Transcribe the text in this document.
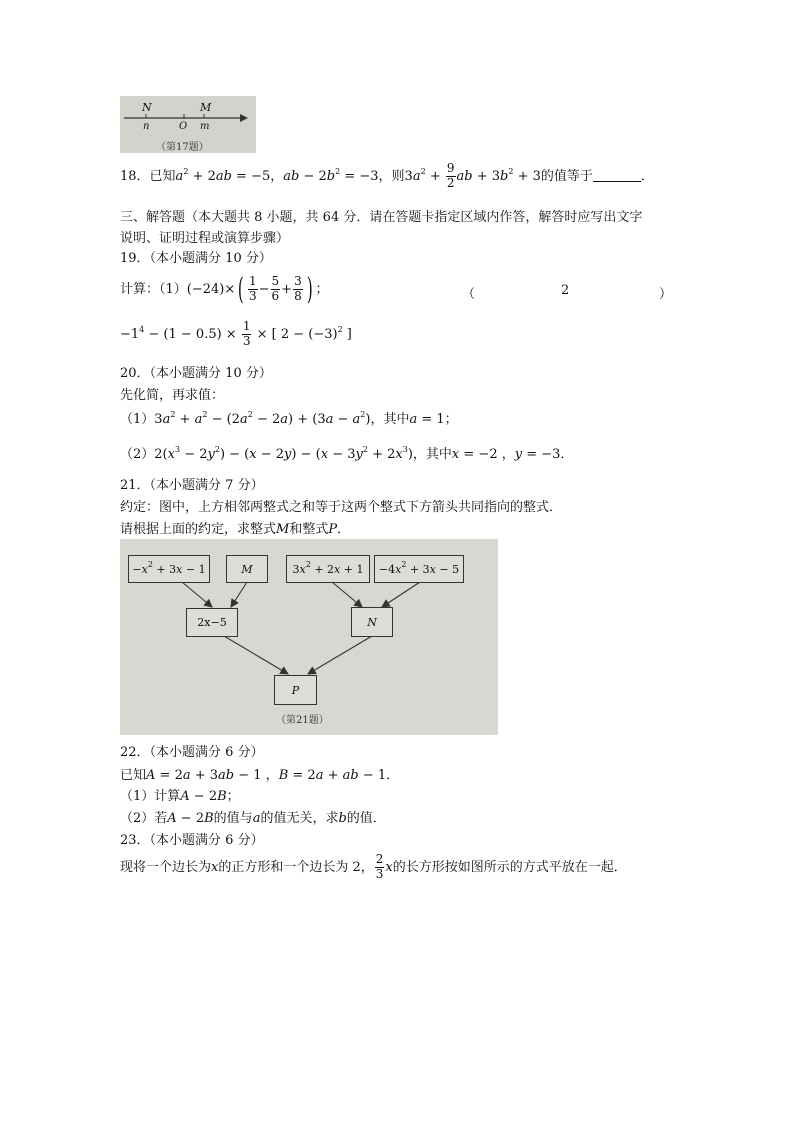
N	M
n	O m
（第17题）
18．已知$a^2 + 2ab = -5$，ab − $2b^2 = -3$，则$3a^2 + \frac{9}{2}$ ab + $3b^2 + 3$的值等于	．
三、解答题（本大题共 8 小题，共 64 分．请在答题卡指定区域内作答，解答时应写出文字
说明、证明过程或演算步骤）
19．（本小题满分 10 分）
计算：$(1)(-24)\times( \frac{1}{3} - \frac{5}{6} + \frac{3}{8}$ ) ；	（	2	）
$-1^4 - (1 - 0.5) \times \frac{1}{3}$ × [ $2 - (-3)^2$ ]
20．（本小题满分 10 分）
先化简，再求值：
$(1)3a^2 + a^2 - (2a^2 - 2a) + (3a - a^2)$，其中a = 1；
$(2)2(x^3 - 2y^2) - (x - 2y) - (x - 3y^2 + 2x^3)$，其中x = −2 ，y = −3．
21．（本小题满分 7 分）
约定：图中，上方相邻两整式之和等于这两个整式下方箭头共同指向的整式．
请根据上面的约定，求整式M和整式P．
$-x^2 + 3x - 1$	M	$3x^2 + 2x + 1 -4x^2 + 3x - 5$
2x−5	N
P
（第21题）
22．（本小题满分 6 分）
已知A = 2a + 3ab − 1 ，B = 2a + ab − 1．
（1）计算A − 2B；
（2）若A − 2B的值与a的值无关，求b的值．
23．（本小题满分 6 分）
现将一个边长为x的正方形和一个边长为 2， $\frac{2}{3}$ x的长方形按如图所示的方式平放在一起．
